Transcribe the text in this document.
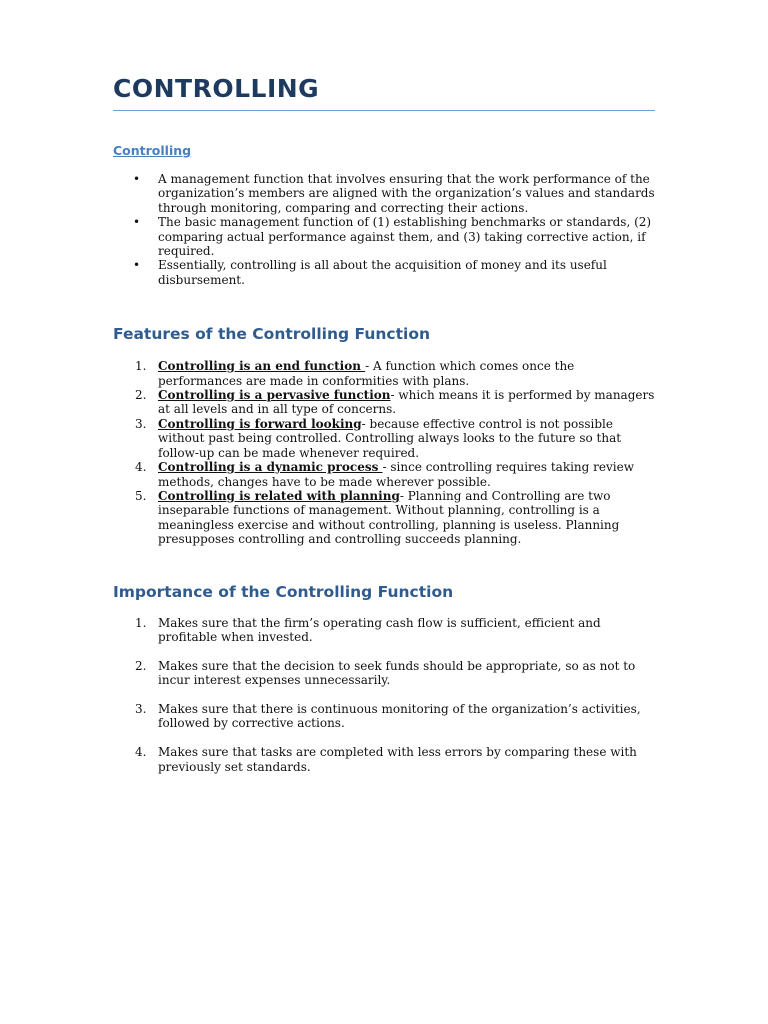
CONTROLLING
Controlling
• A management function that involves ensuring that the work performance of the organization’s members are aligned with the organization’s values and standards through monitoring, comparing and correcting their actions.
• The basic management function of (1) establishing benchmarks or standards, (2) comparing actual performance against them, and (3) taking corrective action, if required.
• Essentially, controlling is all about the acquisition of money and its useful disbursement.
Features of the Controlling Function
1. Controlling is an end function - A function which comes once the performances are made in conformities with plans.
2. Controlling is a pervasive function- which means it is performed by managers at all levels and in all type of concerns.
3. Controlling is forward looking- because effective control is not possible without past being controlled. Controlling always looks to the future so that follow-up can be made whenever required.
4. Controlling is a dynamic process - since controlling requires taking review methods, changes have to be made wherever possible.
5. Controlling is related with planning- Planning and Controlling are two inseparable functions of management. Without planning, controlling is a meaningless exercise and without controlling, planning is useless. Planning presupposes controlling and controlling succeeds planning.
Importance of the Controlling Function
1. Makes sure that the firm’s operating cash flow is sufficient, efficient and profitable when invested.
2. Makes sure that the decision to seek funds should be appropriate, so as not to incur interest expenses unnecessarily.
3. Makes sure that there is continuous monitoring of the organization’s activities, followed by corrective actions.
4. Makes sure that tasks are completed with less errors by comparing these with previously set standards.
